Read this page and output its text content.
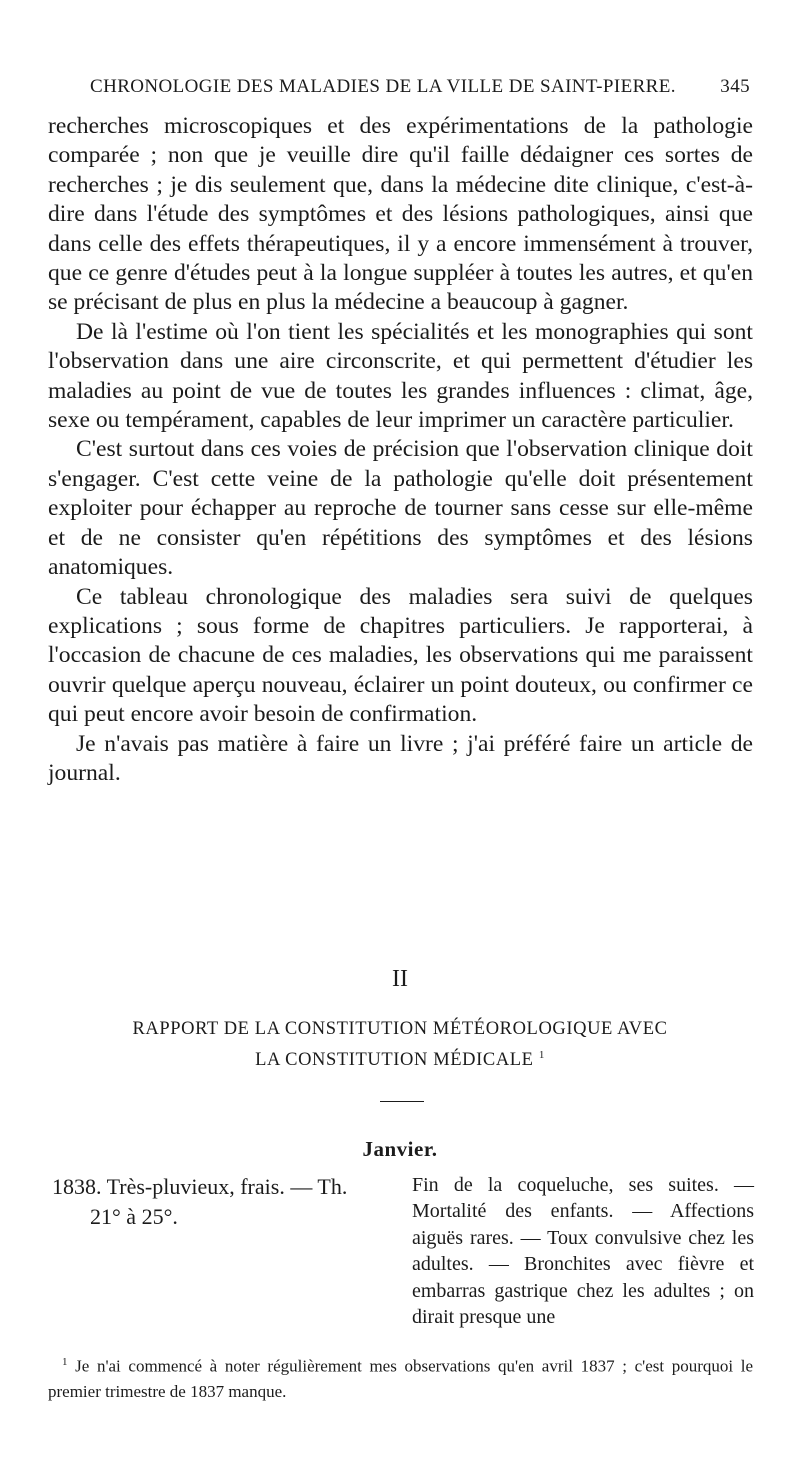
CHRONOLOGIE DES MALADIES DE LA VILLE DE SAINT-PIERRE. 345

recherches microscopiques et des expérimentations de la pathologie comparée ; non que je veuille dire qu'il faille dédaigner ces sortes de recherches ; je dis seulement que, dans la médecine dite clinique, c'est-à-dire dans l'étude des symptômes et des lésions pathologiques, ainsi que dans celle des effets thérapeutiques, il y a encore immensément à trouver, que ce genre d'études peut à la longue suppléer à toutes les autres, et qu'en se précisant de plus en plus la médecine a beaucoup à gagner.

De là l'estime où l'on tient les spécialités et les monographies qui sont l'observation dans une aire circonscrite, et qui permettent d'étudier les maladies au point de vue de toutes les grandes influences : climat, âge, sexe ou tempérament, capables de leur imprimer un caractère particulier.

C'est surtout dans ces voies de précision que l'observation clinique doit s'engager. C'est cette veine de la pathologie qu'elle doit présentement exploiter pour échapper au reproche de tourner sans cesse sur elle-même et de ne consister qu'en répétitions des symptômes et des lésions anatomiques.

Ce tableau chronologique des maladies sera suivi de quelques explications ; sous forme de chapitres particuliers. Je rapporterai, à l'occasion de chacune de ces maladies, les observations qui me paraissent ouvrir quelque aperçu nouveau, éclairer un point douteux, ou confirmer ce qui peut encore avoir besoin de confirmation.

Je n'avais pas matière à faire un livre ; j'ai préféré faire un article de journal.

II
RAPPORT DE LA CONSTITUTION MÉTÉOROLOGIQUE AVEC
LA CONSTITUTION MÉDICALE $^1$
Janvier.
1838. Très-pluvieux, frais. — Th.
21° à 25°.
Fin de la coqueluche, ses suites. — Mortalité des enfants. — Affections aiguës rares. — Toux convulsive chez les adultes. — Bronchites avec fièvre et embarras gastrique chez les adultes ; on dirait presque une

$^1$ Je n'ai commencé à noter régulièrement mes observations qu'en avril 1837 ; c'est pourquoi le premier trimestre de 1837 manque.
